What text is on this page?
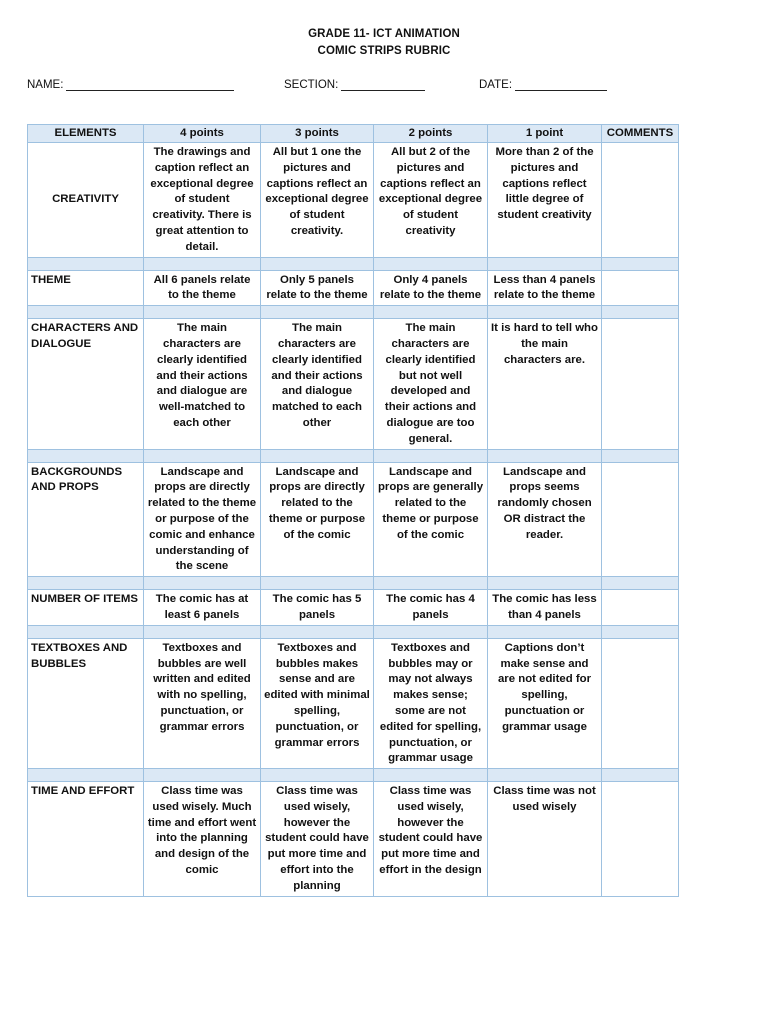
GRADE 11- ICT ANIMATION
COMIC STRIPS RUBRIC
NAME:	SECTION:	DATE:
ELEMENTS	4 points	3 points	2 points	1 point	COMMENTS
CREATIVITY	The drawings and caption reflect an exceptional degree of student creativity. There is great attention to detail.	All but 1 one the pictures and captions reflect an exceptional degree of student creativity.	All but 2 of the pictures and captions reflect an exceptional degree of student creativity	More than 2 of the pictures and captions reflect little degree of student creativity	

THEME	All 6 panels relate to the theme	Only 5 panels relate to the theme	Only 4 panels relate to the theme	Less than 4 panels relate to the theme	

CHARACTERS AND DIALOGUE	The main characters are clearly identified and their actions and dialogue are well-matched to each other	The main characters are clearly identified and their actions and dialogue matched to each other	The main characters are clearly identified but not well developed and their actions and dialogue are too general.	It is hard to tell who the main characters are.	

BACKGROUNDS AND PROPS	Landscape and props are directly related to the theme or purpose of the comic and enhance understanding of the scene	Landscape and props are directly related to the theme or purpose of the comic	Landscape and props are generally related to the theme or purpose of the comic	Landscape and props seems randomly chosen OR distract the reader.	

NUMBER OF ITEMS	The comic has at least 6 panels	The comic has 5 panels	The comic has 4 panels	The comic has less than 4 panels	

TEXTBOXES AND BUBBLES	Textboxes and bubbles are well written and edited with no spelling, punctuation, or grammar errors	Textboxes and bubbles makes sense and are edited with minimal spelling, punctuation, or grammar errors	Textboxes and bubbles may or may not always makes sense; some are not edited for spelling, punctuation, or grammar usage	Captions don’t make sense and are not edited for spelling, punctuation or grammar usage	

TIME AND EFFORT	Class time was used wisely. Much time and effort went into the planning and design of the comic	Class time was used wisely, however the student could have put more time and effort into the planning	Class time was used wisely, however the student could have put more time and effort in the design	Class time was not used wisely	
